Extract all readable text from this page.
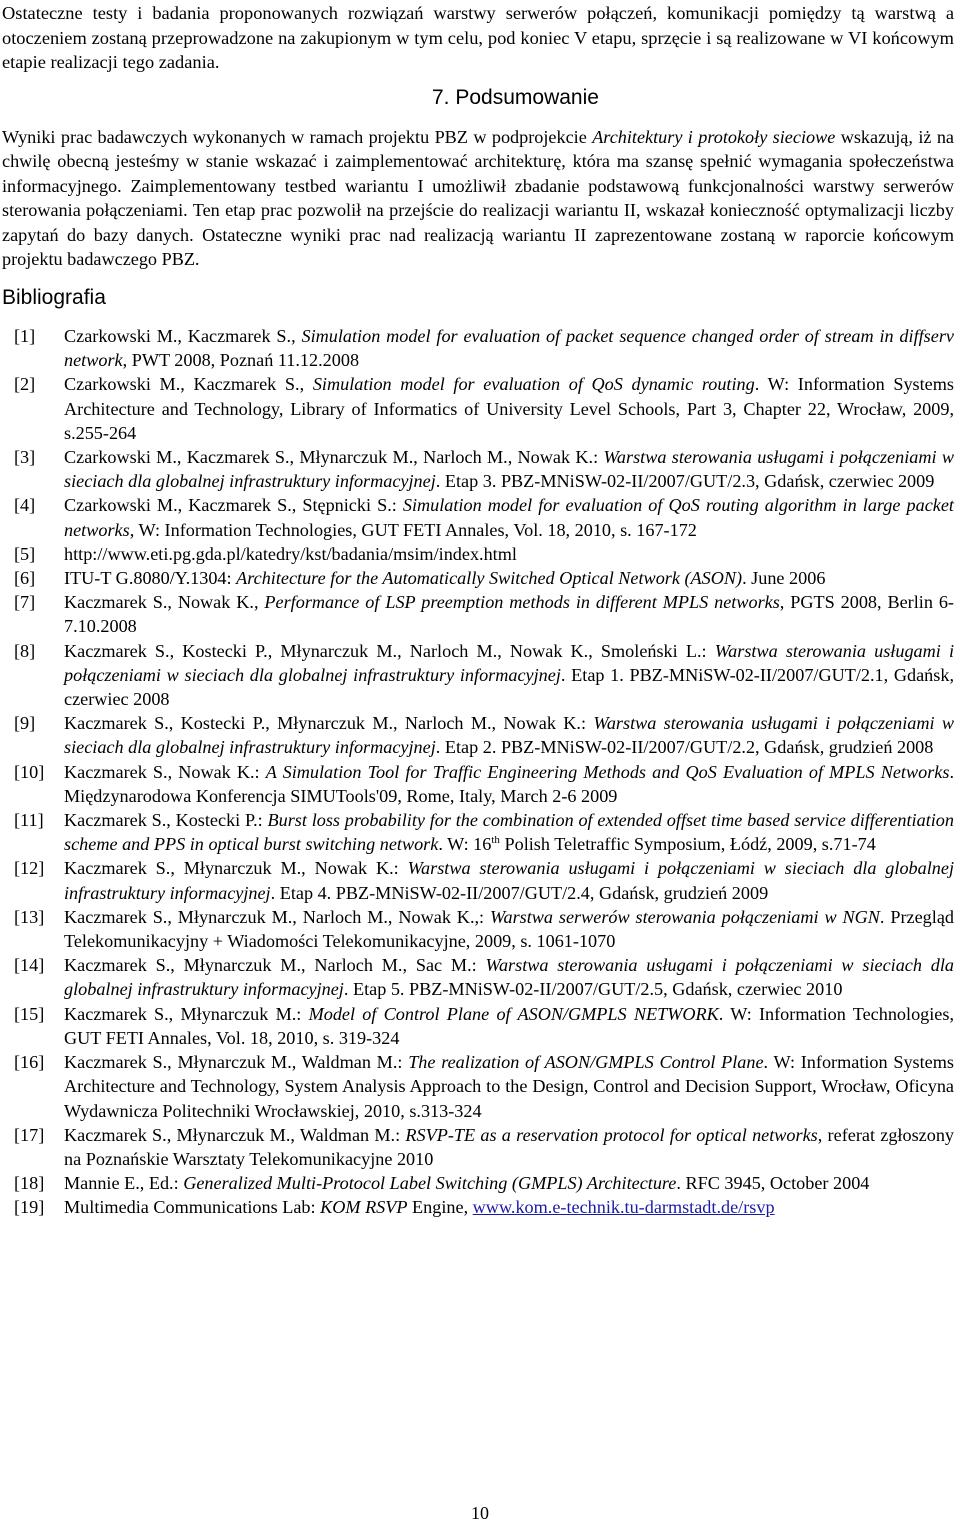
Ostateczne testy i badania proponowanych rozwiązań warstwy serwerów połączeń, komunikacji pomiędzy tą warstwą a otoczeniem zostaną przeprowadzone na zakupionym w tym celu, pod koniec V etapu, sprzęcie i są realizowane w VI końcowym etapie realizacji tego zadania.

7. Podsumowanie

Wyniki prac badawczych wykonanych w ramach projektu PBZ w podprojekcie Architektury i protokoły sieciowe wskazują, iż na chwilę obecną jesteśmy w stanie wskazać i zaimplementować architekturę, która ma szansę spełnić wymagania społeczeństwa informacyjnego. Zaimplementowany testbed wariantu I umożliwił zbadanie podstawową funkcjonalności warstwy serwerów sterowania połączeniami. Ten etap prac pozwolił na przejście do realizacji wariantu II, wskazał konieczność optymalizacji liczby zapytań do bazy danych. Ostateczne wyniki prac nad realizacją wariantu II zaprezentowane zostaną w raporcie końcowym projektu badawczego PBZ.

Bibliografia
[1]	Czarkowski M., Kaczmarek S., Simulation model for evaluation of packet sequence changed order of stream in diffserv network, PWT 2008, Poznań 11.12.2008
[2]	Czarkowski M., Kaczmarek S., Simulation model for evaluation of QoS dynamic routing. W: Information Systems Architecture and Technology, Library of Informatics of University Level Schools, Part 3, Chapter 22, Wrocław, 2009, s.255-264
[3]	Czarkowski M., Kaczmarek S., Młynarczuk M., Narloch M., Nowak K.: Warstwa sterowania usługami i połączeniami w sieciach dla globalnej infrastruktury informacyjnej. Etap 3. PBZ-MNiSW-02-II/2007/GUT/2.3, Gdańsk, czerwiec 2009
[4]	Czarkowski M., Kaczmarek S., Stępnicki S.: Simulation model for evaluation of QoS routing algorithm in large packet networks, W: Information Technologies, GUT FETI Annales, Vol. 18, 2010, s. 167-172
[5]	http://www.eti.pg.gda.pl/katedry/kst/badania/msim/index.html
[6]	ITU-T G.8080/Y.1304: Architecture for the Automatically Switched Optical Network (ASON). June 2006
[7]	Kaczmarek S., Nowak K., Performance of LSP preemption methods in different MPLS networks, PGTS 2008, Berlin 6-7.10.2008
[8]	Kaczmarek S., Kostecki P., Młynarczuk M., Narloch M., Nowak K., Smoleński L.: Warstwa sterowania usługami i połączeniami w sieciach dla globalnej infrastruktury informacyjnej. Etap 1. PBZ-MNiSW-02-II/2007/GUT/2.1, Gdańsk, czerwiec 2008
[9]	Kaczmarek S., Kostecki P., Młynarczuk M., Narloch M., Nowak K.: Warstwa sterowania usługami i połączeniami w sieciach dla globalnej infrastruktury informacyjnej. Etap 2. PBZ-MNiSW-02-II/2007/GUT/2.2, Gdańsk, grudzień 2008
[10]	Kaczmarek S., Nowak K.: A Simulation Tool for Traffic Engineering Methods and QoS Evaluation of MPLS Networks. Międzynarodowa Konferencja SIMUTools'09, Rome, Italy, March 2-6 2009
[11]	Kaczmarek S., Kostecki P.: Burst loss probability for the combination of extended offset time based service differentiation scheme and PPS in optical burst switching network. W: 16th Polish Teletraffic Symposium, Łódź, 2009, s.71-74
[12]	Kaczmarek S., Młynarczuk M., Nowak K.: Warstwa sterowania usługami i połączeniami w sieciach dla globalnej infrastruktury informacyjnej. Etap 4. PBZ-MNiSW-02-II/2007/GUT/2.4, Gdańsk, grudzień 2009
[13]	Kaczmarek S., Młynarczuk M., Narloch M., Nowak K.,: Warstwa serwerów sterowania połączeniami w NGN. Przegląd Telekomunikacyjny + Wiadomości Telekomunikacyjne, 2009, s. 1061-1070
[14]	Kaczmarek S., Młynarczuk M., Narloch M., Sac M.: Warstwa sterowania usługami i połączeniami w sieciach dla globalnej infrastruktury informacyjnej. Etap 5. PBZ-MNiSW-02-II/2007/GUT/2.5, Gdańsk, czerwiec 2010
[15]	Kaczmarek S., Młynarczuk M.: Model of Control Plane of ASON/GMPLS NETWORK. W: Information Technologies, GUT FETI Annales, Vol. 18, 2010, s. 319-324
[16]	Kaczmarek S., Młynarczuk M., Waldman M.: The realization of ASON/GMPLS Control Plane. W: Information Systems Architecture and Technology, System Analysis Approach to the Design, Control and Decision Support, Wrocław, Oficyna Wydawnicza Politechniki Wrocławskiej, 2010, s.313-324
[17]	Kaczmarek S., Młynarczuk M., Waldman M.: RSVP-TE as a reservation protocol for optical networks, referat zgłoszony na Poznańskie Warsztaty Telekomunikacyjne 2010
[18]	Mannie E., Ed.: Generalized Multi-Protocol Label Switching (GMPLS) Architecture. RFC 3945, October 2004
[19]	Multimedia Communications Lab: KOM RSVP Engine, www.kom.e-technik.tu-darmstadt.de/rsvp
10
